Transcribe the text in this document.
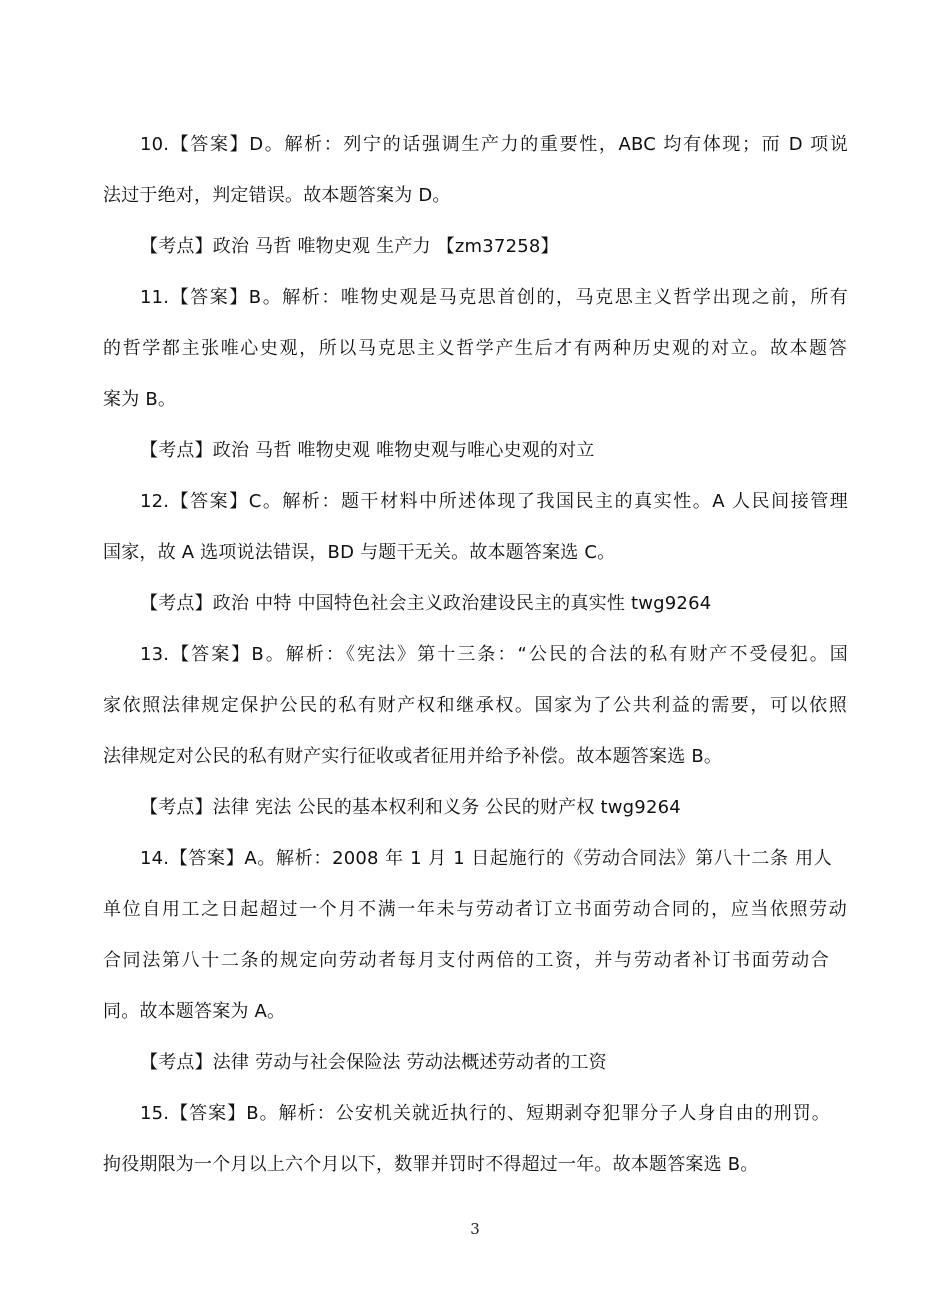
10.【答案】D。解析：列宁的话强调生产力的重要性，ABC 均有体现；而 D 项说
法过于绝对，判定错误。故本题答案为 D。
【考点】政治 马哲 唯物史观 生产力 【zm37258】
11.【答案】B。解析：唯物史观是马克思首创的，马克思主义哲学出现之前，所有
的哲学都主张唯心史观，所以马克思主义哲学产生后才有两种历史观的对立。故本题答
案为 B。
【考点】政治 马哲 唯物史观 唯物史观与唯心史观的对立
12.【答案】C。解析：题干材料中所述体现了我国民主的真实性。A 人民间接管理
国家，故 A 选项说法错误，BD 与题干无关。故本题答案选 C。
【考点】政治 中特 中国特色社会主义政治建设民主的真实性 twg9264
13.【答案】B。解析：《宪法》第十三条：“公民的合法的私有财产不受侵犯。国
家依照法律规定保护公民的私有财产权和继承权。国家为了公共利益的需要，可以依照
法律规定对公民的私有财产实行征收或者征用并给予补偿。故本题答案选 B。
【考点】法律 宪法 公民的基本权利和义务 公民的财产权 twg9264
14.【答案】A。解析：2008 年 1 月 1 日起施行的《劳动合同法》第八十二条 用人
单位自用工之日起超过一个月不满一年未与劳动者订立书面劳动合同的，应当依照劳动
合同法第八十二条的规定向劳动者每月支付两倍的工资，并与劳动者补订书面劳动合
同。故本题答案为 A。
【考点】法律 劳动与社会保险法 劳动法概述劳动者的工资
15.【答案】B。解析：公安机关就近执行的、短期剥夺犯罪分子人身自由的刑罚。
拘役期限为一个月以上六个月以下，数罪并罚时不得超过一年。故本题答案选 B。
3
